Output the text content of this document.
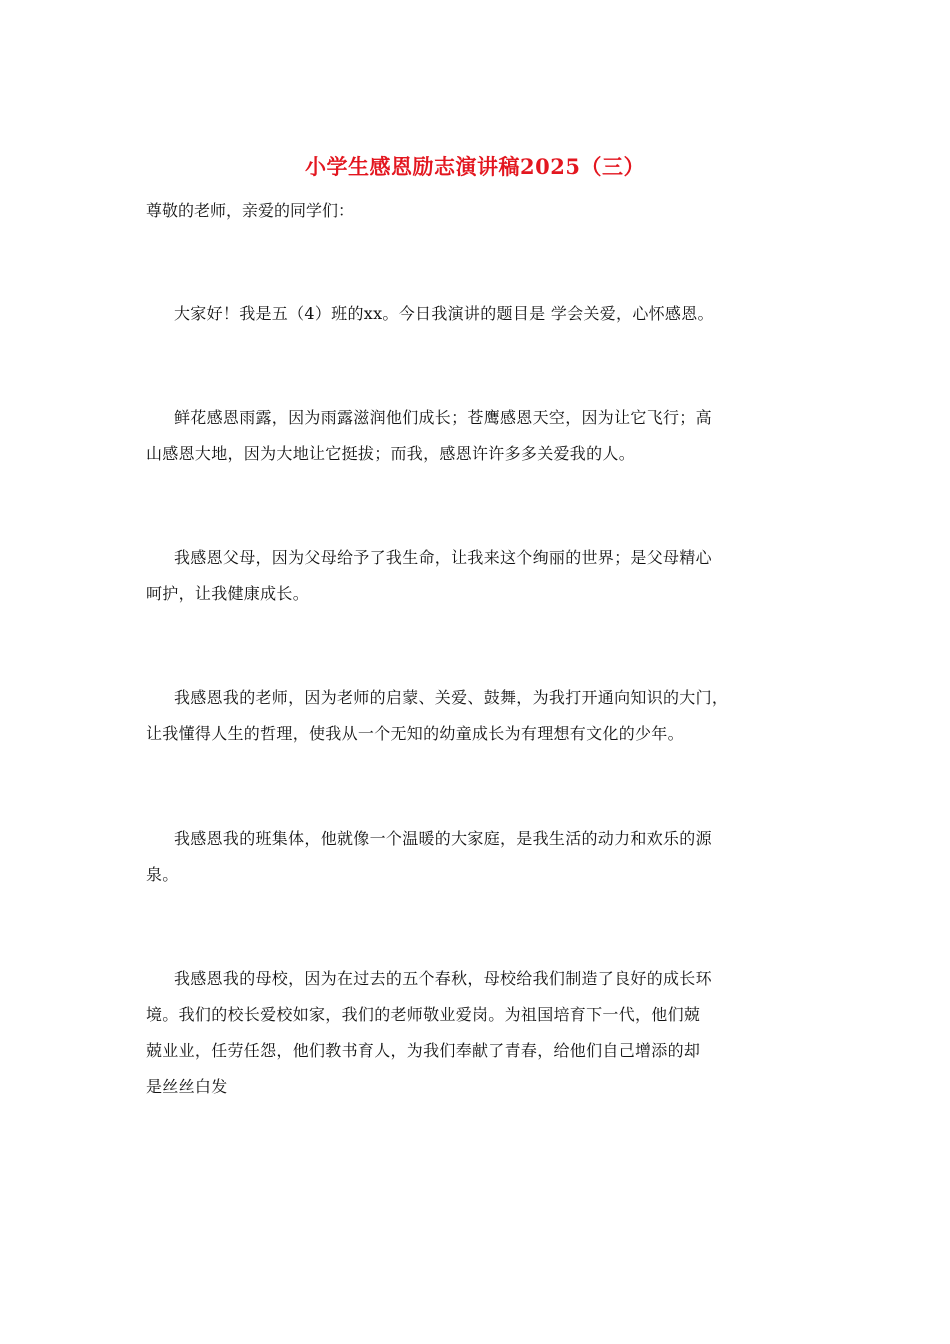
小学生感恩励志演讲稿2025（三）
尊敬的老师，亲爱的同学们：
大家好！我是五（4）班的xx。今日我演讲的题目是 学会关爱，心怀感恩。
鲜花感恩雨露，因为雨露滋润他们成长；苍鹰感恩天空，因为让它飞行；高
山感恩大地，因为大地让它挺拔；而我，感恩许许多多关爱我的人。
我感恩父母，因为父母给予了我生命，让我来这个绚丽的世界；是父母精心
呵护，让我健康成长。
我感恩我的老师，因为老师的启蒙、关爱、鼓舞，为我打开通向知识的大门，
让我懂得人生的哲理，使我从一个无知的幼童成长为有理想有文化的少年。
我感恩我的班集体，他就像一个温暖的大家庭，是我生活的动力和欢乐的源
泉。
我感恩我的母校，因为在过去的五个春秋，母校给我们制造了良好的成长环
境。我们的校长爱校如家，我们的老师敬业爱岗。为祖国培育下一代，他们兢
兢业业，任劳任怨，他们教书育人，为我们奉献了青春，给他们自己增添的却
是丝丝白发
